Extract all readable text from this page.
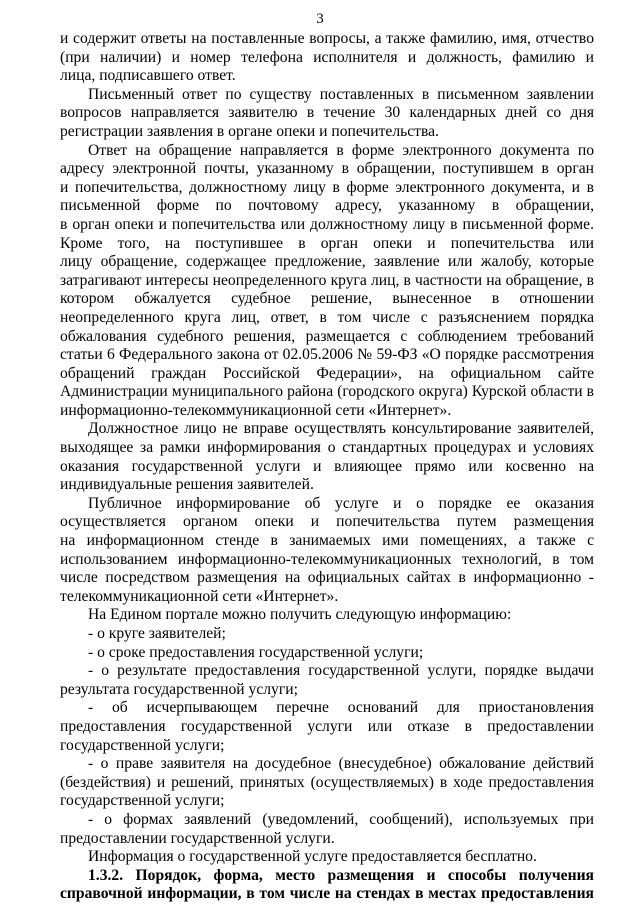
3
и содержит ответы на поставленные вопросы, а также фамилию, имя, отчество
(при наличии) и номер телефона исполнителя и должность, фамилию и
лица, подписавшего ответ.
Письменный ответ по существу поставленных в письменном заявлении
вопросов направляется заявителю в течение 30 календарных дней со дня
регистрации заявления в органе опеки и попечительства.
Ответ на обращение направляется в форме электронного документа по
адресу электронной почты, указанному в обращении, поступившем в орган
и попечительства, должностному лицу в форме электронного документа, и в
письменной форме по почтовому адресу, указанному в обращении,
в орган опеки и попечительства или должностному лицу в письменной форме.
Кроме того, на поступившее в орган опеки и попечительства или
лицу обращение, содержащее предложение, заявление или жалобу, которые
затрагивают интересы неопределенного круга лиц, в частности на обращение, в
котором обжалуется судебное решение, вынесенное в отношении
неопределенного круга лиц, ответ, в том числе с разъяснением порядка
обжалования судебного решения, размещается с соблюдением требований
статьи 6 Федерального закона от 02.05.2006 № 59-ФЗ «О порядке рассмотрения
обращений граждан Российской Федерации», на официальном сайте
Администрации муниципального района (городского округа) Курской области в
информационно-телекоммуникационной сети «Интернет».
Должностное лицо не вправе осуществлять консультирование заявителей,
выходящее за рамки информирования о стандартных процедурах и условиях
оказания государственной услуги и влияющее прямо или косвенно на
индивидуальные решения заявителей.
Публичное информирование об услуге и о порядке ее оказания
осуществляется органом опеки и попечительства путем размещения
на информационном стенде в занимаемых ими помещениях, а также с
использованием информационно-телекоммуникационных технологий, в том
числе посредством размещения на официальных сайтах в информационно -
телекоммуникационной сети «Интернет».
На Едином портале можно получить следующую информацию:
- о круге заявителей;
- о сроке предоставления государственной услуги;
- о результате предоставления государственной услуги, порядке выдачи
результата государственной услуги;
- об исчерпывающем перечне оснований для приостановления
предоставления государственной услуги или отказе в предоставлении
государственной услуги;
- о праве заявителя на досудебное (внесудебное) обжалование действий
(бездействия) и решений, принятых (осуществляемых) в ходе предоставления
государственной услуги;
- о формах заявлений (уведомлений, сообщений), используемых при
предоставлении государственной услуги.
Информация о государственной услуге предоставляется бесплатно.
1.3.2. Порядок, форма, место размещения и способы получения
справочной информации, в том числе на стендах в местах предоставления
